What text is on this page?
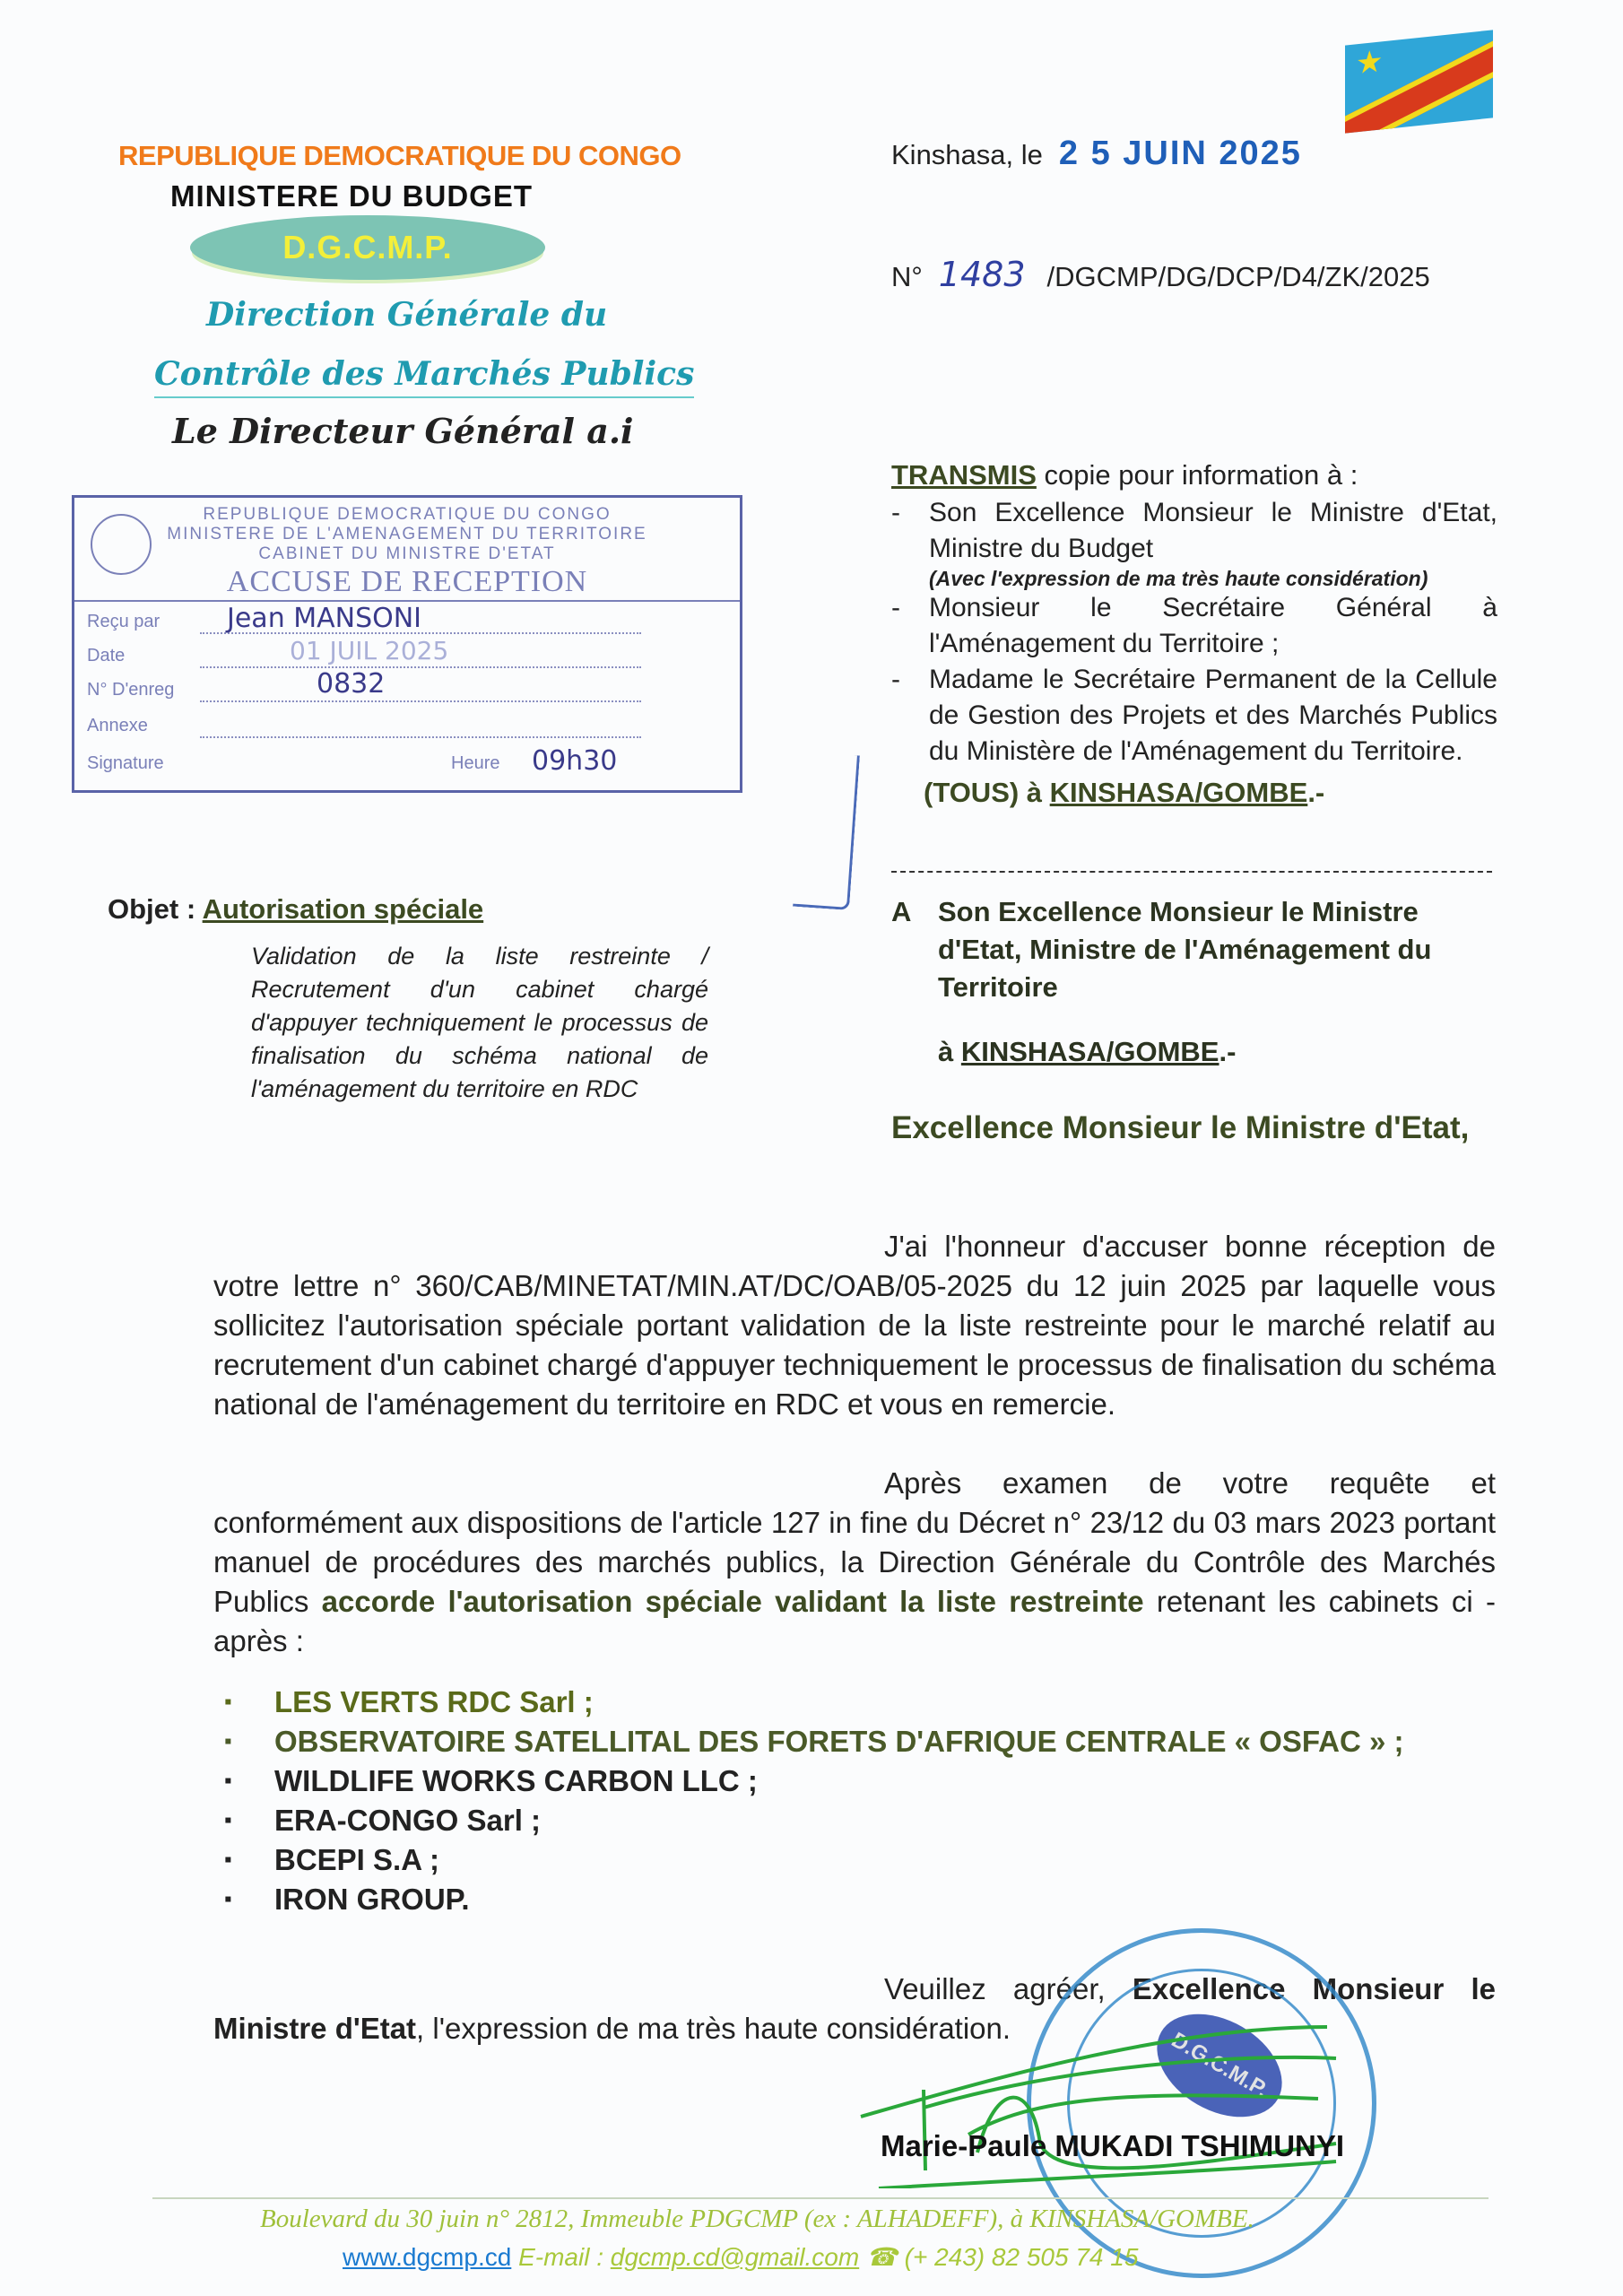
★
REPUBLIQUE DEMOCRATIQUE DU CONGO
MINISTERE DU BUDGET
D.G.C.M.P.
Direction Générale du
Contrôle des Marchés Publics
Le Directeur Général a.i
REPUBLIQUE DEMOCRATIQUE DU CONGO
MINISTERE DE L'AMENAGEMENT DU TERRITOIRE
CABINET DU MINISTRE D'ETAT
ACCUSE DE RECEPTION
Reçu par Jean MANSONI
Date	01 JUIL 2025
N° D'enreg	0832
Annexe
Signature	Heure 09h30
Kinshasa, le 2 5 JUIN 2025
N° 1483 /DGCMP/DG/DCP/D4/ZK/2025
TRANSMIS copie pour information à :
- Son Excellence Monsieur le Ministre d'Etat, Ministre du Budget
(Avec l'expression de ma très haute considération)
- Monsieur le Secrétaire Général à l'Aménagement du Territoire ;
- Madame le Secrétaire Permanent de la Cellule de Gestion des Projets et des Marchés Publics du Ministère de l'Aménagement du Territoire.
(TOUS) à KINSHASA/GOMBE.-
Objet : Autorisation spéciale
Validation de la liste restreinte / Recrutement d'un cabinet chargé d'appuyer techniquement le processus de finalisation du schéma national de l'aménagement du territoire en RDC
A Son Excellence Monsieur le Ministre d'Etat, Ministre de l'Aménagement du Territoire
à KINSHASA/GOMBE.-
Excellence Monsieur le Ministre d'Etat,
J'ai l'honneur d'accuser bonne réception de votre lettre n° 360/CAB/MINETAT/MIN.AT/DC/OAB/05-2025 du 12 juin 2025 par laquelle vous sollicitez l'autorisation spéciale portant validation de la liste restreinte pour le marché relatif au recrutement d'un cabinet chargé d'appuyer techniquement le processus de finalisation du schéma national de l'aménagement du territoire en RDC et vous en remercie.
Après examen de votre requête et conformément aux dispositions de l'article 127 in fine du Décret n° 23/12 du 03 mars 2023 portant manuel de procédures des marchés publics, la Direction Générale du Contrôle des Marchés Publics accorde l'autorisation spéciale validant la liste restreinte retenant les cabinets ci - après :
▪ LES VERTS RDC Sarl ;
▪ OBSERVATOIRE SATELLITAL DES FORETS D'AFRIQUE CENTRALE « OSFAC » ;
▪ WILDLIFE WORKS CARBON LLC ;
▪ ERA-CONGO Sarl ;
▪ BCEPI S.A ;
▪ IRON GROUP.
Veuillez agréer, Excellence Monsieur le Ministre d'Etat, l'expression de ma très haute considération.	D.G.C.M.P.
Marie-Paule MUKADI TSHIMUNYI
Boulevard du 30 juin n° 2812, Immeuble PDGCMP (ex : ALHADEFF), à KINSHASA/GOMBE.
www.dgcmp.cd E-mail : dgcmp.cd@gmail.com ☎ (+ 243) 82 505 74 15
